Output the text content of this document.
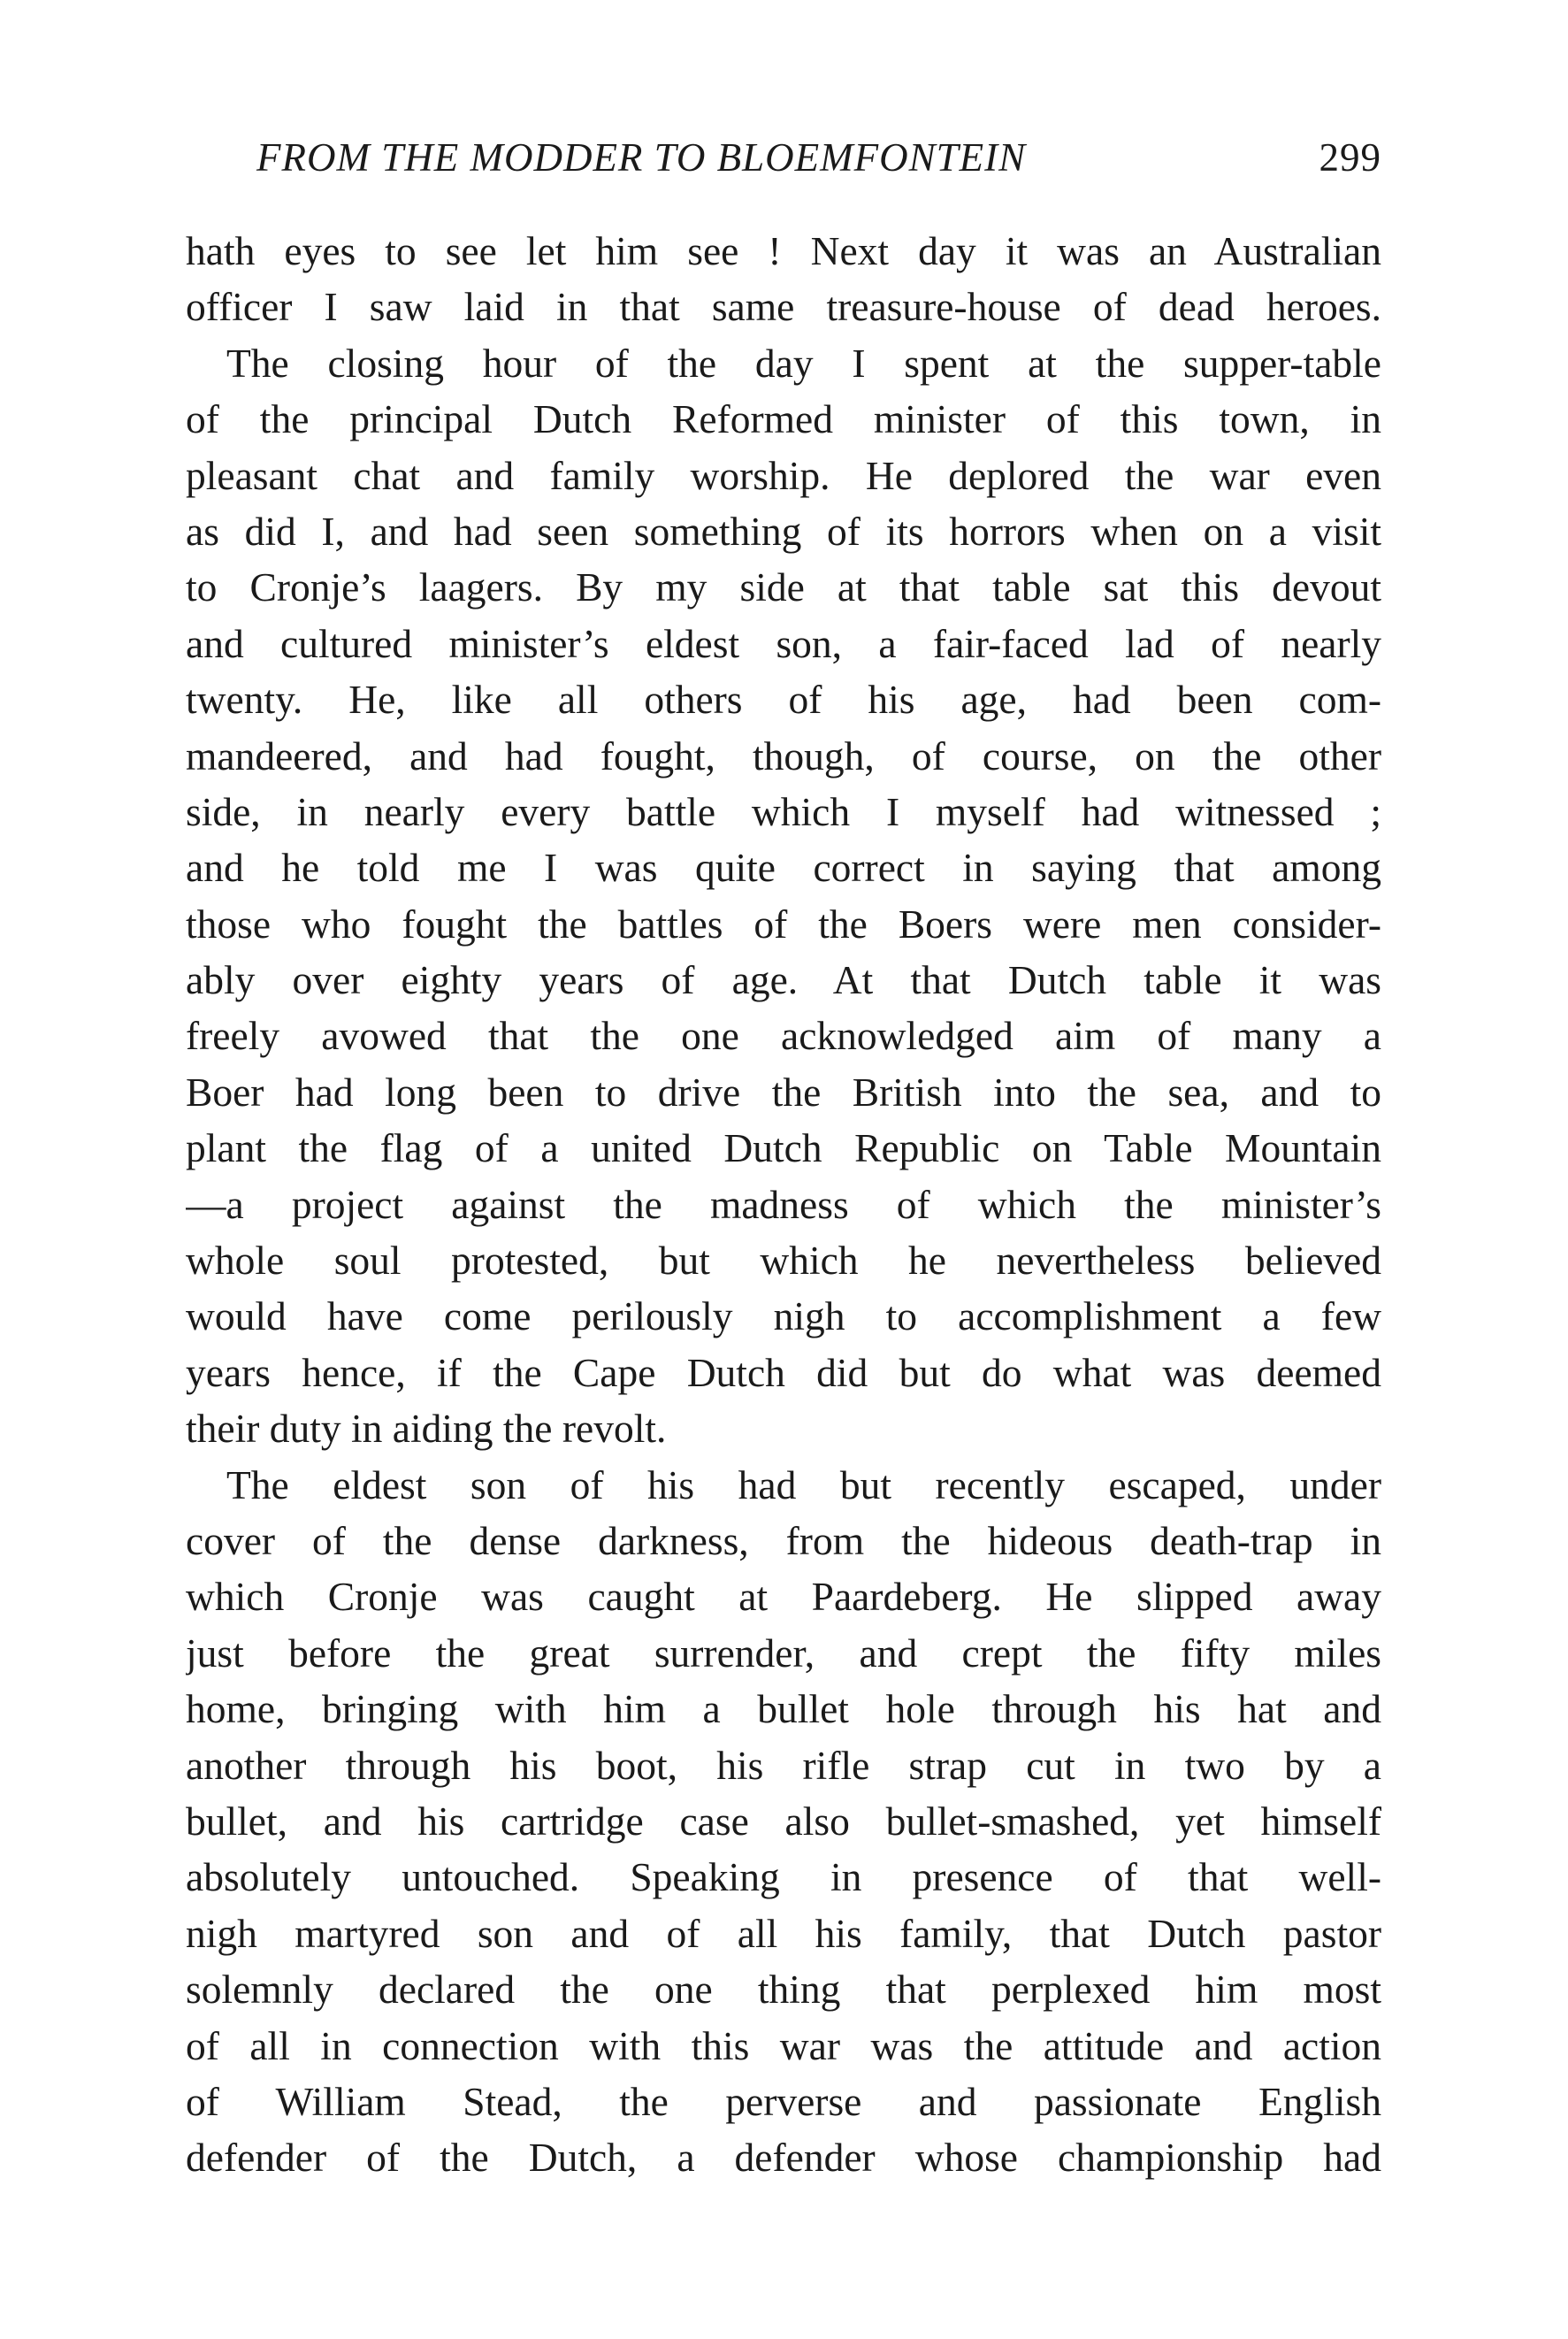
FROM THE MODDER TO BLOEMFONTEIN	299
hath eyes to see let him see ! Next day it was an Australian
officer I saw laid in that same treasure-house of dead heroes.
The closing hour of the day I spent at the supper-table
of the principal Dutch Reformed minister of this town, in
pleasant chat and family worship. He deplored the war even
as did I, and had seen something of its horrors when on a visit
to Cronje’s laagers. By my side at that table sat this devout
and cultured minister’s eldest son, a fair-faced lad of nearly
twenty. He, like all others of his age, had been com-
mandeered, and had fought, though, of course, on the other
side, in nearly every battle which I myself had witnessed ;
and he told me I was quite correct in saying that among
those who fought the battles of the Boers were men consider-
ably over eighty years of age. At that Dutch table it was
freely avowed that the one acknowledged aim of many a
Boer had long been to drive the British into the sea, and to
plant the flag of a united Dutch Republic on Table Mountain
—a project against the madness of which the minister’s
whole soul protested, but which he nevertheless believed
would have come perilously nigh to accomplishment a few
years hence, if the Cape Dutch did but do what was deemed
their duty in aiding the revolt.
The eldest son of his had but recently escaped, under
cover of the dense darkness, from the hideous death-trap in
which Cronje was caught at Paardeberg. He slipped away
just before the great surrender, and crept the fifty miles
home, bringing with him a bullet hole through his hat and
another through his boot, his rifle strap cut in two by a
bullet, and his cartridge case also bullet-smashed, yet himself
absolutely untouched. Speaking in presence of that well-
nigh martyred son and of all his family, that Dutch pastor
solemnly declared the one thing that perplexed him most
of all in connection with this war was the attitude and action
of William Stead, the perverse and passionate English
defender of the Dutch, a defender whose championship had
